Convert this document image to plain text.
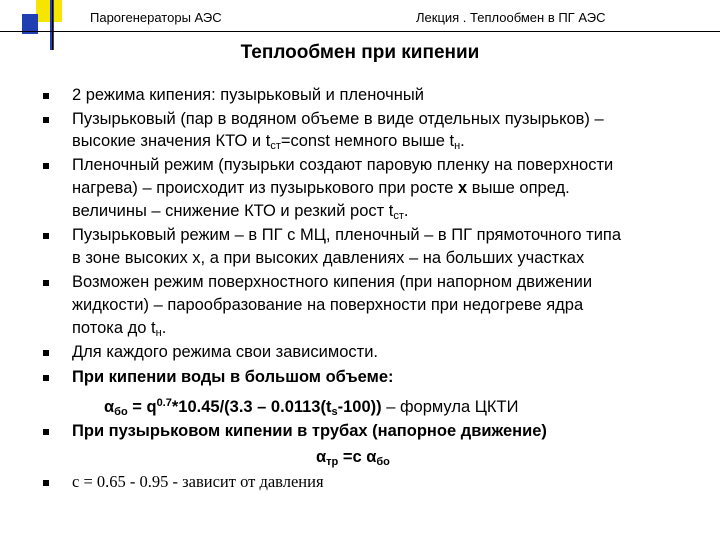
Парогенераторы АЭС	Лекция . Теплообмен в ПГ АЭС
Теплообмен при кипении
2 режима кипения: пузырьковый и пленочный
Пузырьковый (пар в водяном объеме в виде отдельных пузырьков) –
высокие значения КТО и $t_{ст}=const$ немного выше $t_н$.
Пленочный режим (пузырьки создают паровую пленку на поверхности
нагрева) – происходит из пузырькового при росте x выше опред.
величины – снижение КТО и резкий рост $t_{ст}$.
Пузырьковый режим – в ПГ с МЦ, пленочный – в ПГ прямоточного типа
в зоне высоких х, а при высоких давлениях – на больших участках
Возможен режим поверхностного кипения (при напорном движении
жидкости) – парообразование на поверхности при недогреве ядра
потока до $t_н$.
Для каждого режима свои зависимости.
При кипении воды в большом объеме:
$\alpha_{бо} = q^{0.7}*10.45/(3.3 - 0.0113(t_s-100))$ – формула ЦКТИ
При пузырьковом кипении в трубах (напорное движение)
$\alpha_{тр} =c$ $\alpha_{бо}$
c = 0.65 - 0.95 - зависит от давления
